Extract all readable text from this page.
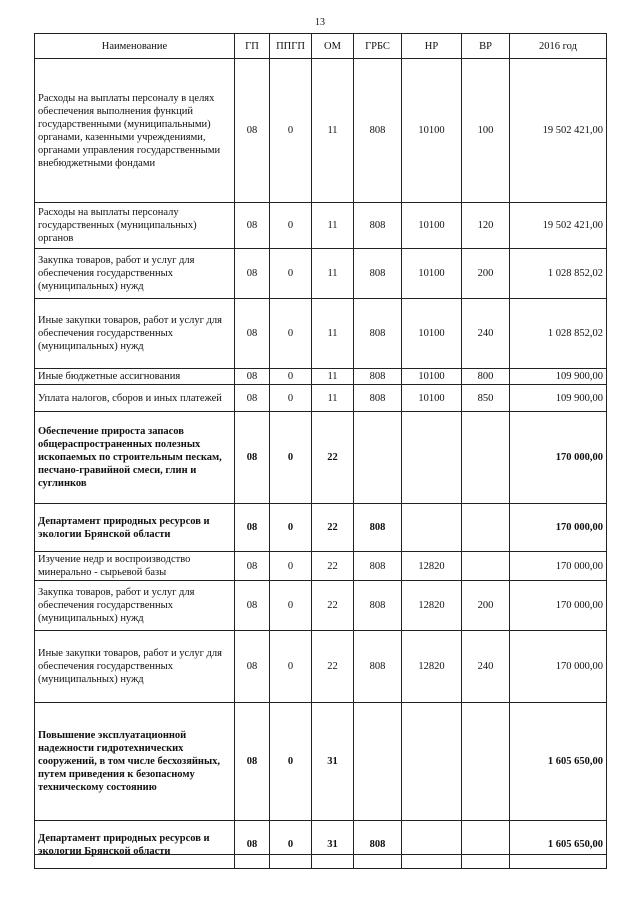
13
Наименование	ГП	ППГП	ОМ	ГРБС	НР	ВР	2016 год
Расходы на выплаты персоналу в целях обеспечения выполнения функций государственными (муниципальными) органами, казенными учреждениями, органами управления государственными внебюджетными фондами	08	0	11	808	10100	100	19 502 421,00
Расходы на выплаты персоналу государственных (муниципальных) органов	08	0	11	808	10100	120	19 502 421,00
Закупка товаров, работ и услуг для обеспечения государственных (муниципальных) нужд	08	0	11	808	10100	200	1 028 852,02
Иные закупки товаров, работ и услуг для обеспечения государственных (муниципальных) нужд	08	0	11	808	10100	240	1 028 852,02
Иные бюджетные ассигнования	08	0	11	808	10100	800	109 900,00
Уплата налогов, сборов и иных платежей	08	0	11	808	10100	850	109 900,00
Обеспечение прироста запасов общераспространенных полезных ископаемых по строительным пескам, песчано-гравийной смеси, глин и суглинков	08	0	22				170 000,00
Департамент природных ресурсов и экологии Брянской области	08	0	22	808			170 000,00
Изучение недр и воспроизводство минерально - сырьевой базы	08	0	22	808	12820		170 000,00
Закупка товаров, работ и услуг для обеспечения государственных (муниципальных) нужд	08	0	22	808	12820	200	170 000,00
Иные закупки товаров, работ и услуг для обеспечения государственных (муниципальных) нужд	08	0	22	808	12820	240	170 000,00
Повышение эксплуатационной надежности гидротехнических сооружений, в том числе бесхозяйных, путем приведения к безопасному техническому состоянию	08	0	31				1 605 650,00
Департамент природных ресурсов и экологии Брянской области	08	0	31	808			1 605 650,00
